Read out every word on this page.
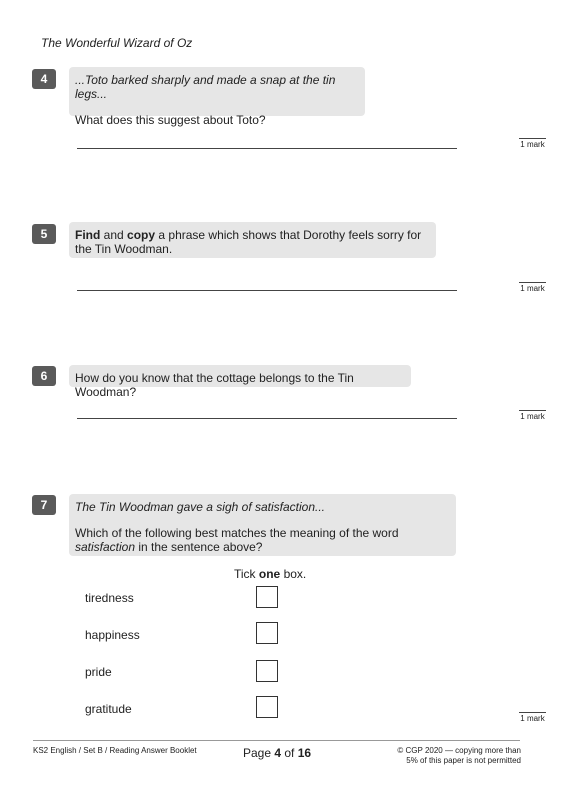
The Wonderful Wizard of Oz
4	...Toto barked sharply and made a snap at the tin legs...

What does this suggest about Toto?

1 mark
5	Find and copy a phrase which shows that Dorothy feels sorry for the Tin Woodman.

1 mark
6	How do you know that the cottage belongs to the Tin Woodman?

1 mark
7	The Tin Woodman gave a sigh of satisfaction...

Which of the following best matches the meaning of the word satisfaction in the sentence above?

Tick one box.
tiredness
happiness
pride
gratitude
1 mark
KS2 English / Set B / Reading Answer Booklet	Page 4 of 16	© CGP 2020 — copying more than
5% of this paper is not permitted
